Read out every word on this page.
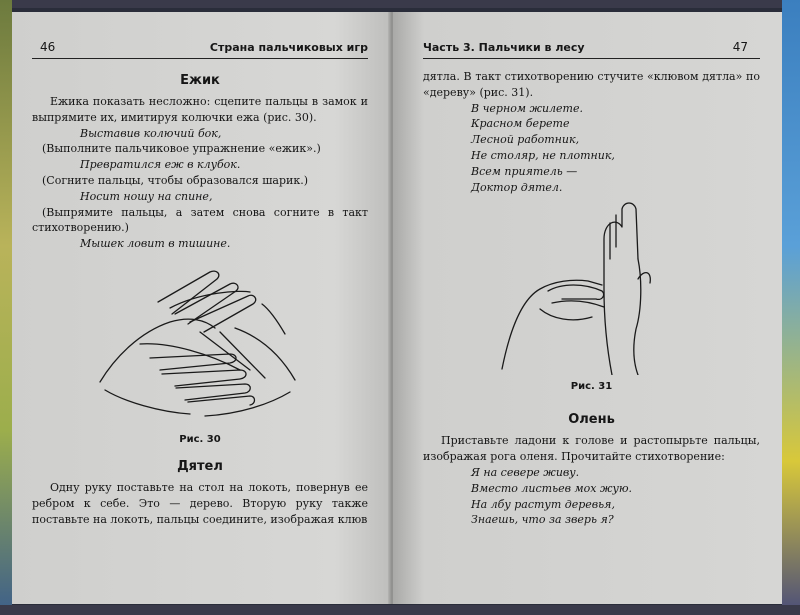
46	Страна пальчиковых игр
Ежик

Ежика показать несложно: сцепите пальцы в замок и выпрямите их, имитируя колючки ежа (рис. 30).

Выставив колючий бок,

(Выполните пальчиковое упражнение «ежик».)

Превратился еж в клубок.

(Согните пальцы, чтобы образовался шарик.)

Носит ношу на спине,

(Выпрямите пальцы, а затем снова согните в такт стихотворению.)

Мышек ловит в тишине.

Рис. 30
Дятел

Одну руку поставьте на стол на локоть, повернув ее ребром к себе. Это — дерево. Вторую руку также поставьте на локоть, пальцы соедините, изображая клюв

Часть 3. Пальчики в лесу	47

дятла. В такт стихотворению стучите «клювом дятла» по «дереву» (рис. 31).

В черном жилете.

Красном берете

Лесной работник,

Не столяр, не плотник,

Всем приятель —

Доктор дятел.

Рис. 31
Олень

Приставьте ладони к голове и растопырьте пальцы, изображая рога оленя. Прочитайте стихотворение:

Я на севере живу.

Вместо листьев мох жую.

На лбу растут деревья,

Знаешь, что за зверь я?
